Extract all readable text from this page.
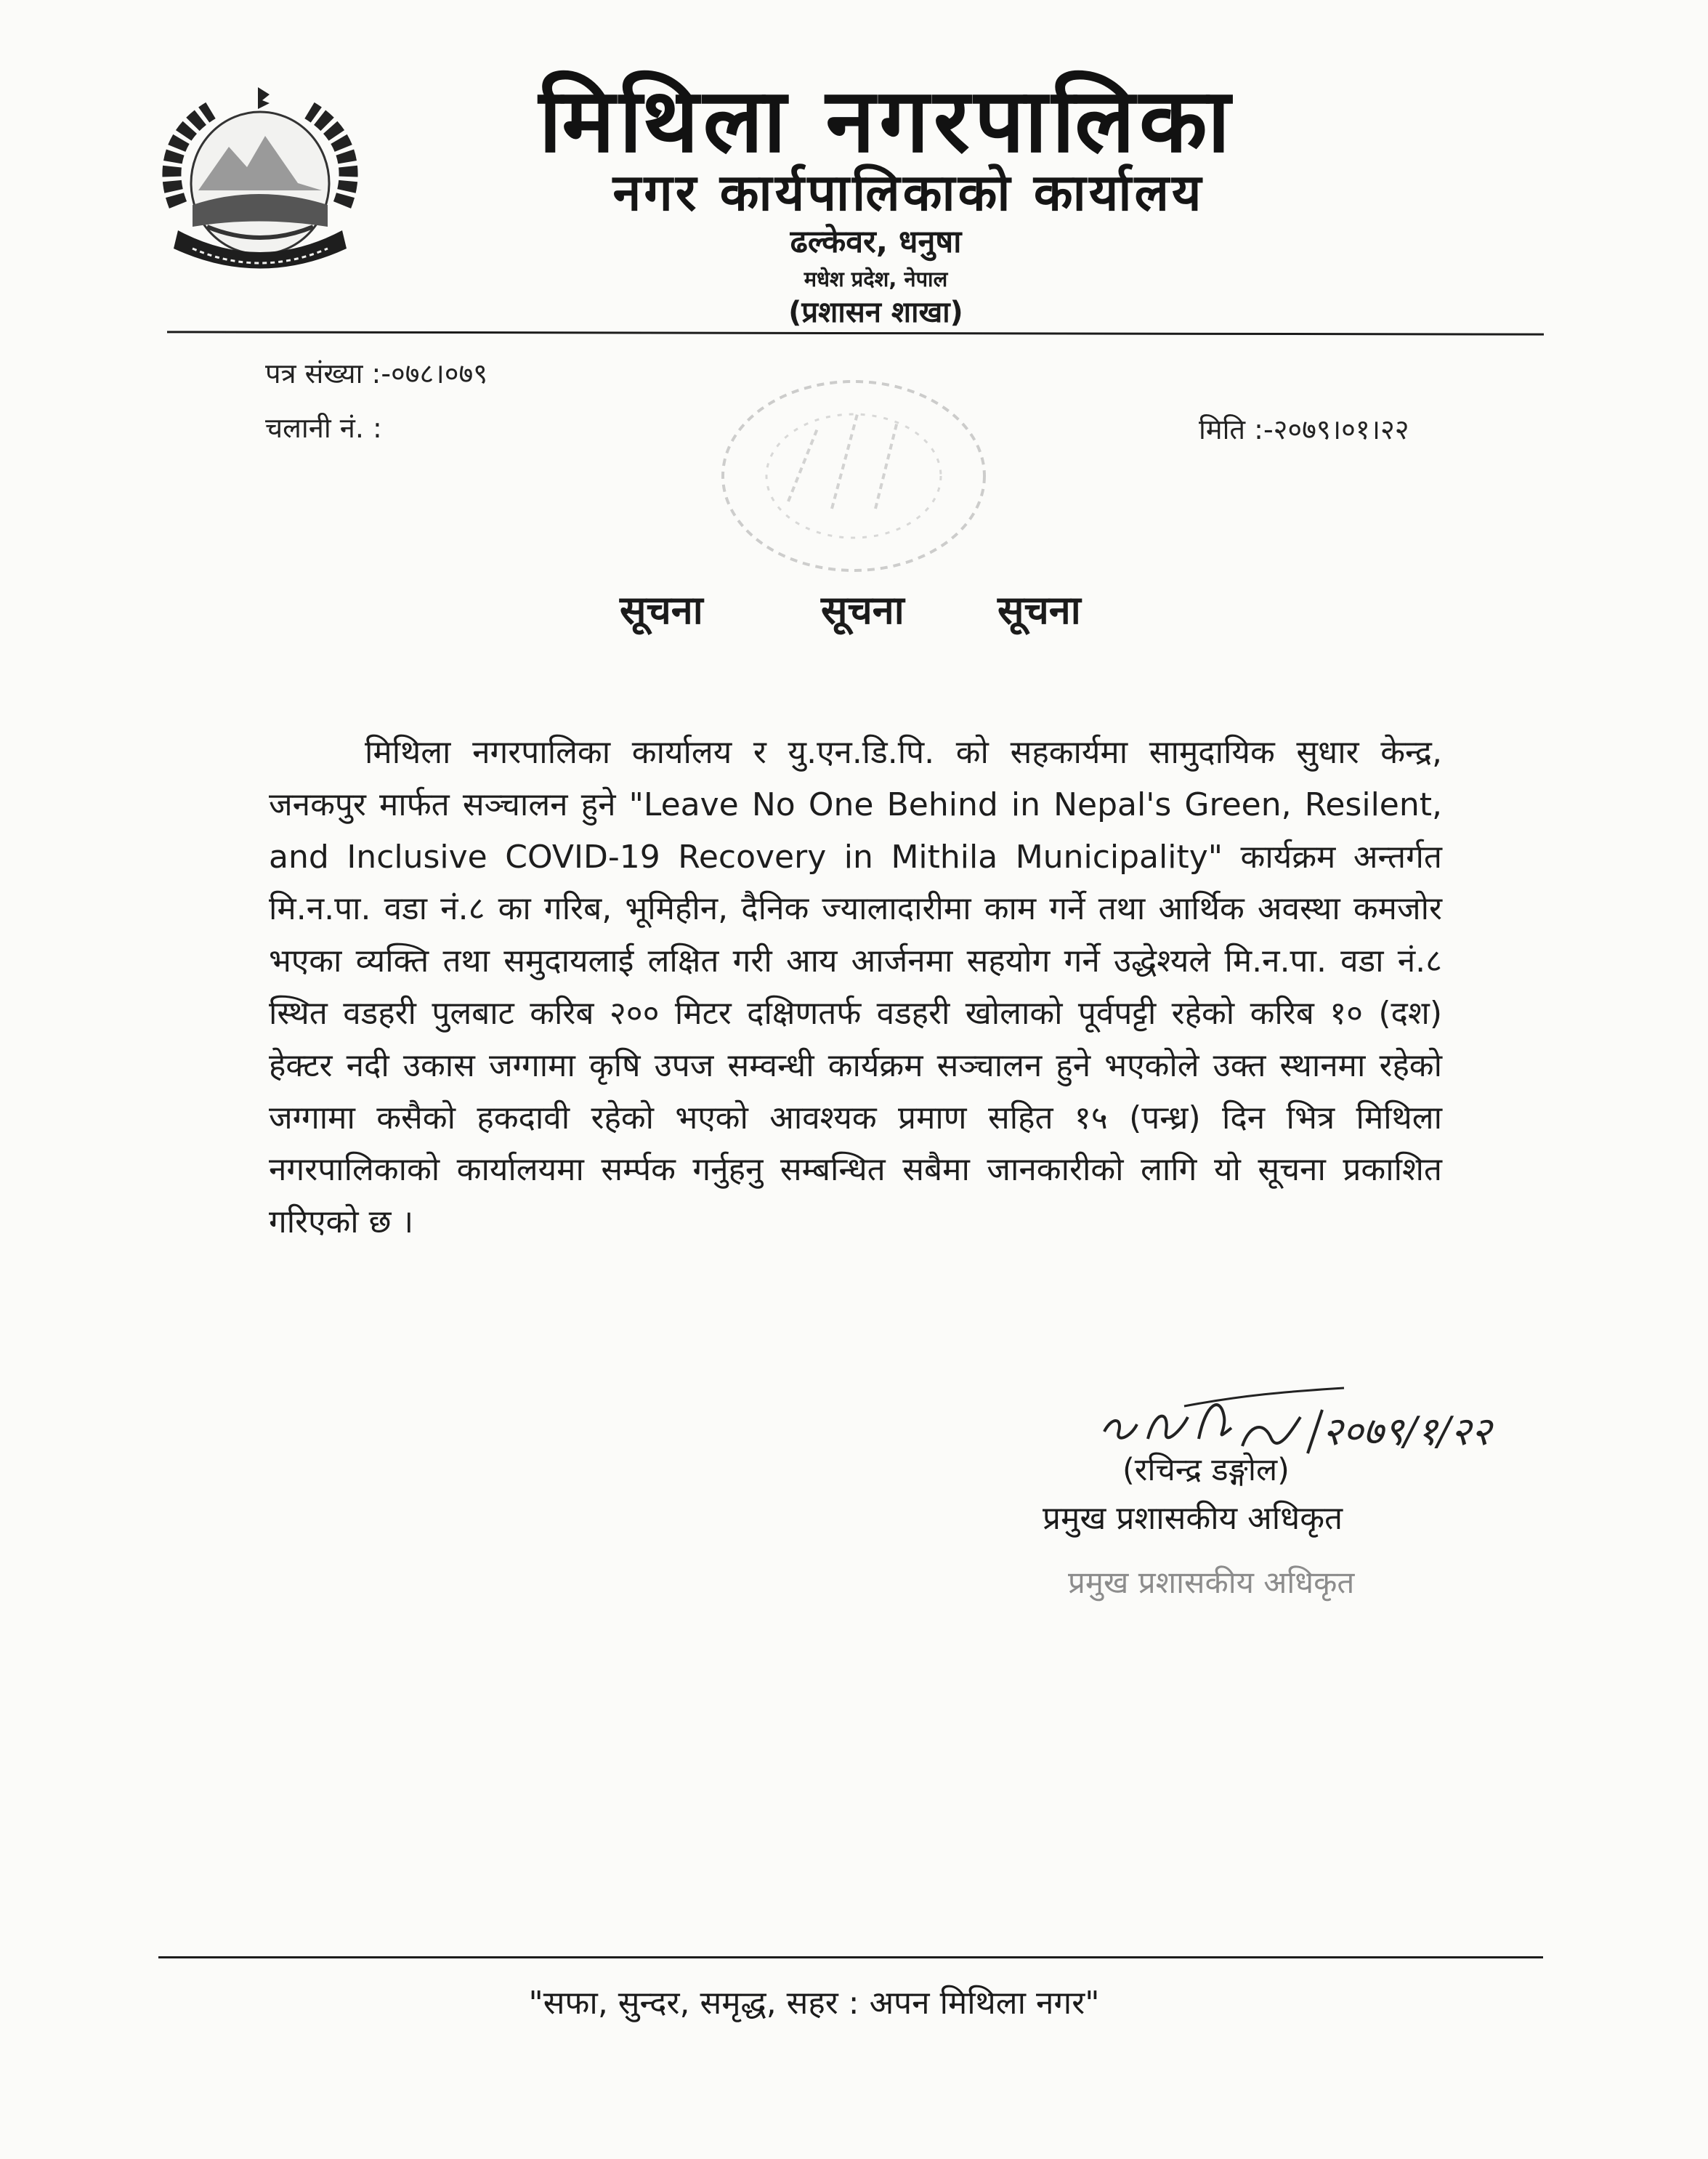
मिथिला नगरपालिका
नगर कार्यपालिकाको कार्यालय
ढल्केवर, धनुषा
मधेश प्रदेश, नेपाल
(प्रशासन शाखा)
पत्र संख्या :-०७८।०७९
चलानी नं. :	मिति :-२०७९।०१।२२
सूचना	सूचना सूचना

मिथिला नगरपालिका कार्यालय र यु.एन.डि.पि. को सहकार्यमा सामुदायिक सुधार केन्द्र, जनकपुर मार्फत सञ्चालन हुने "Leave No One Behind in Nepal's Green, Resilent, and Inclusive COVID-19 Recovery in Mithila Municipality" कार्यक्रम अन्तर्गत मि.न.पा. वडा नं.८ का गरिब, भूमिहीन, दैनिक ज्यालादारीमा काम गर्ने तथा आर्थिक अवस्था कमजोर भएका व्यक्ति तथा समुदायलाई लक्षित गरी आय आर्जनमा सहयोग गर्ने उद्धेश्यले मि.न.पा. वडा नं.८ स्थित वडहरी पुलबाट करिब २०० मिटर दक्षिणतर्फ वडहरी खोलाको पूर्वपट्टी रहेको करिब १० (दश) हेक्टर नदी उकास जग्गामा कृषि उपज सम्वन्धी कार्यक्रम सञ्चालन हुने भएकोले उक्त स्थानमा रहेको जग्गामा कसैको हकदावी रहेको भएको आवश्यक प्रमाण सहित १५ (पन्ध्र) दिन भित्र मिथिला नगरपालिकाको कार्यालयमा सर्म्पक गर्नुहनु सम्बन्धित सबैमा जानकारीको लागि यो सूचना प्रकाशित गरिएको छ ।

२०७९/१/२२
(रचिन्द्र डङ्गोल)
प्रमुख प्रशासकीय अधिकृत
प्रमुख प्रशासकीय अधिकृत
"सफा, सुन्दर, समृद्ध, सहर : अपन मिथिला नगर"
